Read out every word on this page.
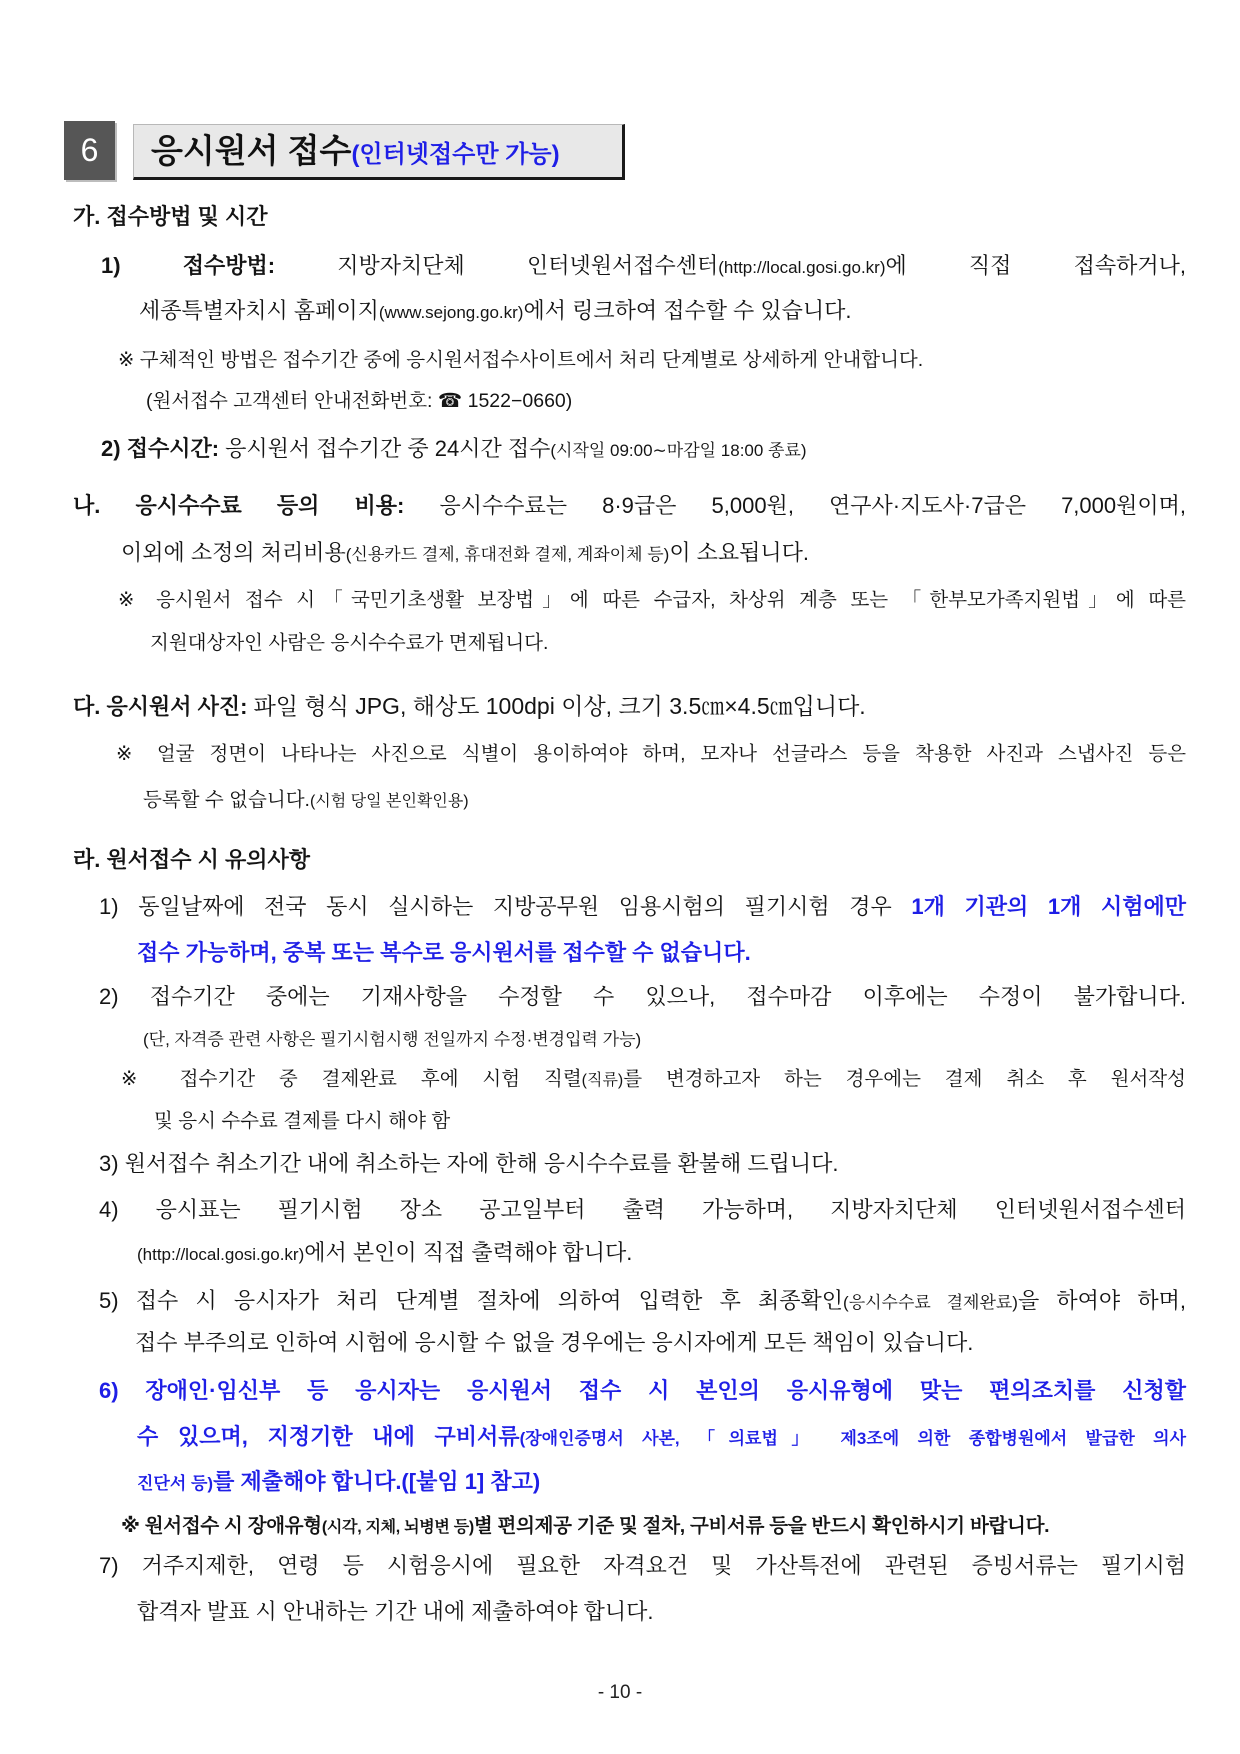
6	응시원서 접수(인터넷접수만 가능)
가. 접수방법 및 시간
1)	접수방법:	지방자치단체 인터넷원서접수센터(http://local.gosi.go.kr)에 직접 접속하거나,
세종특별자치시 홈페이지(www.sejong.go.kr)에서 링크하여 접수할 수 있습니다.
※ 구체적인 방법은 접수기간 중에 응시원서접수사이트에서 처리 단계별로 상세하게 안내합니다.
(원서접수 고객센터 안내전화번호: ☎ 1522−0660)
2) 접수시간: 응시원서 접수기간 중 24시간 접수(시작일 09:00∼마감일 18:00 종료)
나. 응시수수료 등의 비용: 응시수수료는 8·9급은 5,000원, 연구사·지도사·7급은 7,000원이며,
이외에 소정의 처리비용(신용카드 결제, 휴대전화 결제, 계좌이체 등)이 소요됩니다.
※ 응시원서 접수 시「국민기초생활 보장법」에 따른 수급자, 차상위 계층 또는 「한부모가족지원법」에 따른
지원대상자인 사람은 응시수수료가 면제됩니다.
다. 응시원서 사진: 파일 형식 JPG, 해상도 100dpi 이상, 크기 3.5㎝×4.5㎝입니다.
※ 얼굴 정면이 나타나는 사진으로 식별이 용이하여야 하며, 모자나 선글라스 등을 착용한 사진과 스냅사진 등은
등록할 수 없습니다.(시험 당일 본인확인용)
라. 원서접수 시 유의사항
1) 동일날짜에 전국 동시 실시하는 지방공무원 임용시험의 필기시험 경우 1개 기관의 1개 시험에만
접수 가능하며, 중복 또는 복수로 응시원서를 접수할 수 없습니다.
2) 접수기간 중에는 기재사항을 수정할 수 있으나, 접수마감 이후에는 수정이 불가합니다.
(단, 자격증 관련 사항은 필기시험시행 전일까지 수정·변경입력 가능)
※ 접수기간 중 결제완료 후에 시험 직렬(직류)를 변경하고자 하는 경우에는 결제 취소 후 원서작성
및 응시 수수료 결제를 다시 해야 함
3) 원서접수 취소기간 내에 취소하는 자에 한해 응시수수료를 환불해 드립니다.
4) 응시표는 필기시험 장소 공고일부터 출력 가능하며, 지방자치단체 인터넷원서접수센터
(http://local.gosi.go.kr)에서 본인이 직접 출력해야 합니다.
5) 접수 시 응시자가 처리 단계별 절차에 의하여 입력한 후 최종확인(응시수수료 결제완료)을 하여야 하며,
접수 부주의로 인하여 시험에 응시할 수 없을 경우에는 응시자에게 모든 책임이 있습니다.
6) 장애인·임신부 등 응시자는 응시원서 접수 시 본인의 응시유형에 맞는 편의조치를 신청할
수 있으며, 지정기한 내에 구비서류(장애인증명서 사본, 「의료법」 제3조에 의한 종합병원에서 발급한 의사
진단서 등)를 제출해야 합니다.([붙임 1] 참고)
※ 원서접수 시 장애유형(시각, 지체, 뇌병변 등)별 편의제공 기준 및 절차, 구비서류 등을 반드시 확인하시기 바랍니다.
7) 거주지제한, 연령 등 시험응시에 필요한 자격요건 및 가산특전에 관련된 증빙서류는 필기시험
합격자 발표 시 안내하는 기간 내에 제출하여야 합니다.
- 10 -
